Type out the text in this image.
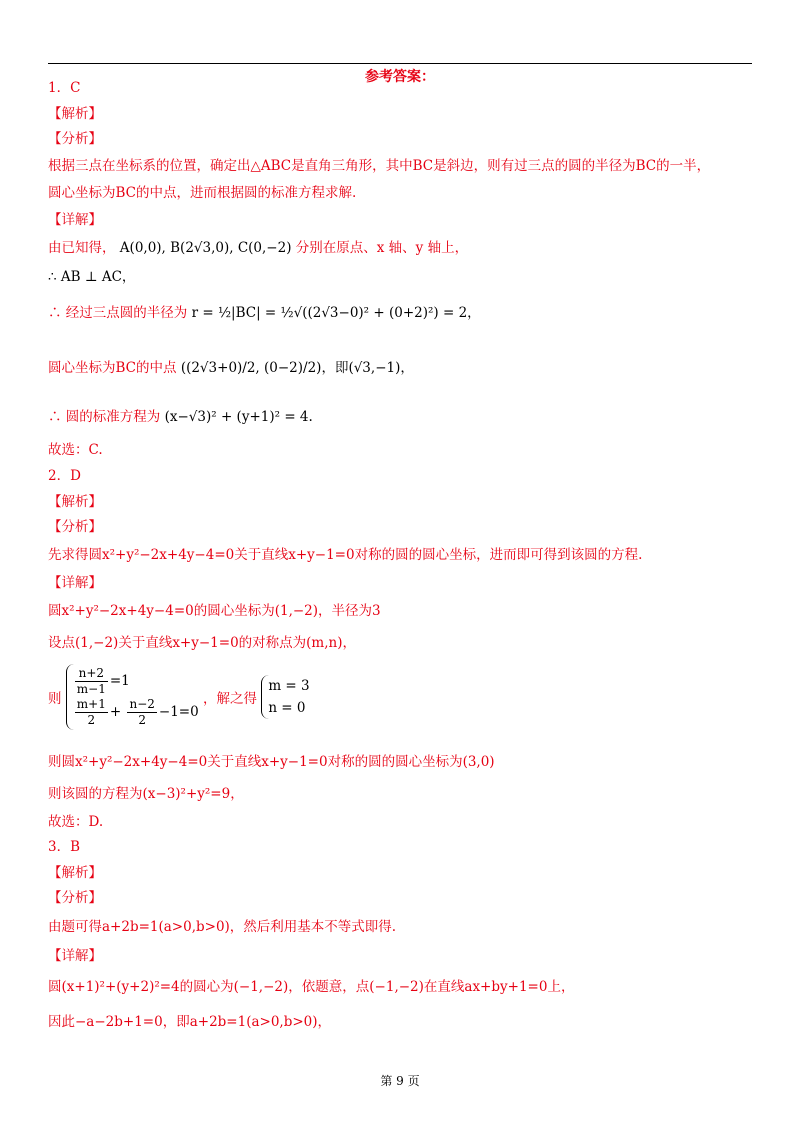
参考答案：
1．C
【解析】
【分析】
根据三点在坐标系的位置，确定出△ABC是直角三角形，其中BC是斜边，则有过三点的圆的半径为BC的一半，
圆心坐标为BC的中点，进而根据圆的标准方程求解.
【详解】
由已知得， A(0,0), B(2√3,0), C(0,−2) 分别在原点、x 轴、y 轴上，
∴ AB ⊥ AC，
∴ 经过三点圆的半径为 r = ½|BC| = ½√((2√3−0)² + (0+2)²) = 2，
圆心坐标为BC的中点 ((2√3+0)/2, (0−2)/2)，即(√3,−1)，
∴ 圆的标准方程为 (x−√3)² + (y+1)² = 4.
故选：C.
2．D
【解析】
【分析】
先求得圆x²+y²−2x+4y−4=0关于直线x+y−1=0对称的圆的圆心坐标，进而即可得到该圆的方程.
【详解】
圆x²+y²−2x+4y−4=0的圆心坐标为(1,−2)，半径为3
设点(1,−2)关于直线x+y−1=0的对称点为(m,n)，
则
$\frac{n+2}{m-1} =1$
$\frac{m+1}{2} + \frac{n-2}{2} -1=0$
，解之得
m = 3
n = 0
则圆x²+y²−2x+4y−4=0关于直线x+y−1=0对称的圆的圆心坐标为(3,0)
则该圆的方程为(x−3)²+y²=9，
故选：D.
3．B
【解析】
【分析】
由题可得a+2b=1(a>0,b>0)，然后利用基本不等式即得.
【详解】
圆(x+1)²+(y+2)²=4的圆心为(−1,−2)，依题意，点(−1,−2)在直线ax+by+1=0上，
因此−a−2b+1=0，即a+2b=1(a>0,b>0)，
第 9 页
